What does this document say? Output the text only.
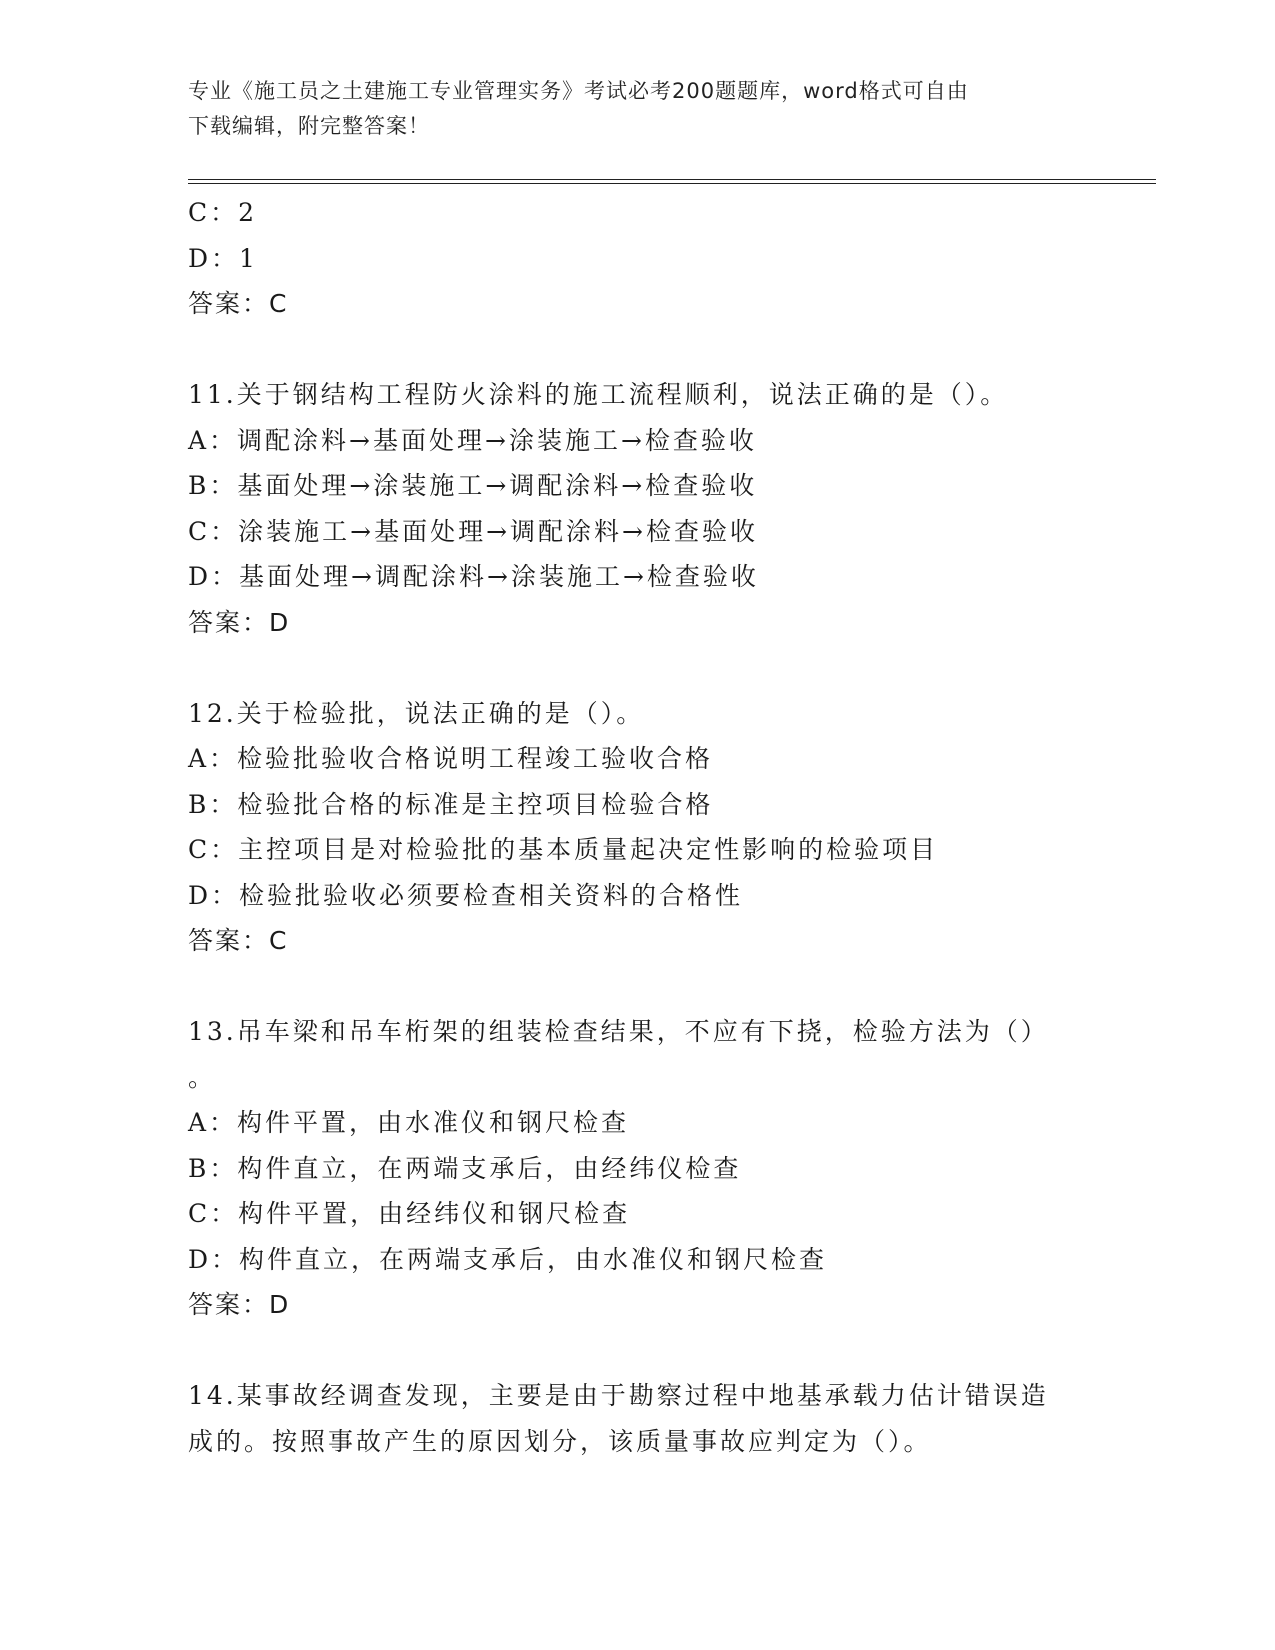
专业《施工员之土建施工专业管理实务》考试必考200题题库，word格式可自由
下载编辑，附完整答案！
C：2
D：1
答案：C
11.关于钢结构工程防火涂料的施工流程顺利，说法正确的是（）。
A：调配涂料→基面处理→涂装施工→检查验收
B：基面处理→涂装施工→调配涂料→检查验收
C：涂装施工→基面处理→调配涂料→检查验收
D：基面处理→调配涂料→涂装施工→检查验收
答案：D
12.关于检验批，说法正确的是（）。
A：检验批验收合格说明工程竣工验收合格
B：检验批合格的标准是主控项目检验合格
C：主控项目是对检验批的基本质量起决定性影响的检验项目
D：检验批验收必须要检查相关资料的合格性
答案：C
13.吊车梁和吊车桁架的组装检查结果，不应有下挠，检验方法为（）
。
A：构件平置，由水准仪和钢尺检查
B：构件直立，在两端支承后，由经纬仪检查
C：构件平置，由经纬仪和钢尺检查
D：构件直立，在两端支承后，由水准仪和钢尺检查
答案：D
14.某事故经调查发现，主要是由于勘察过程中地基承载力估计错误造
成的。按照事故产生的原因划分，该质量事故应判定为（）。
